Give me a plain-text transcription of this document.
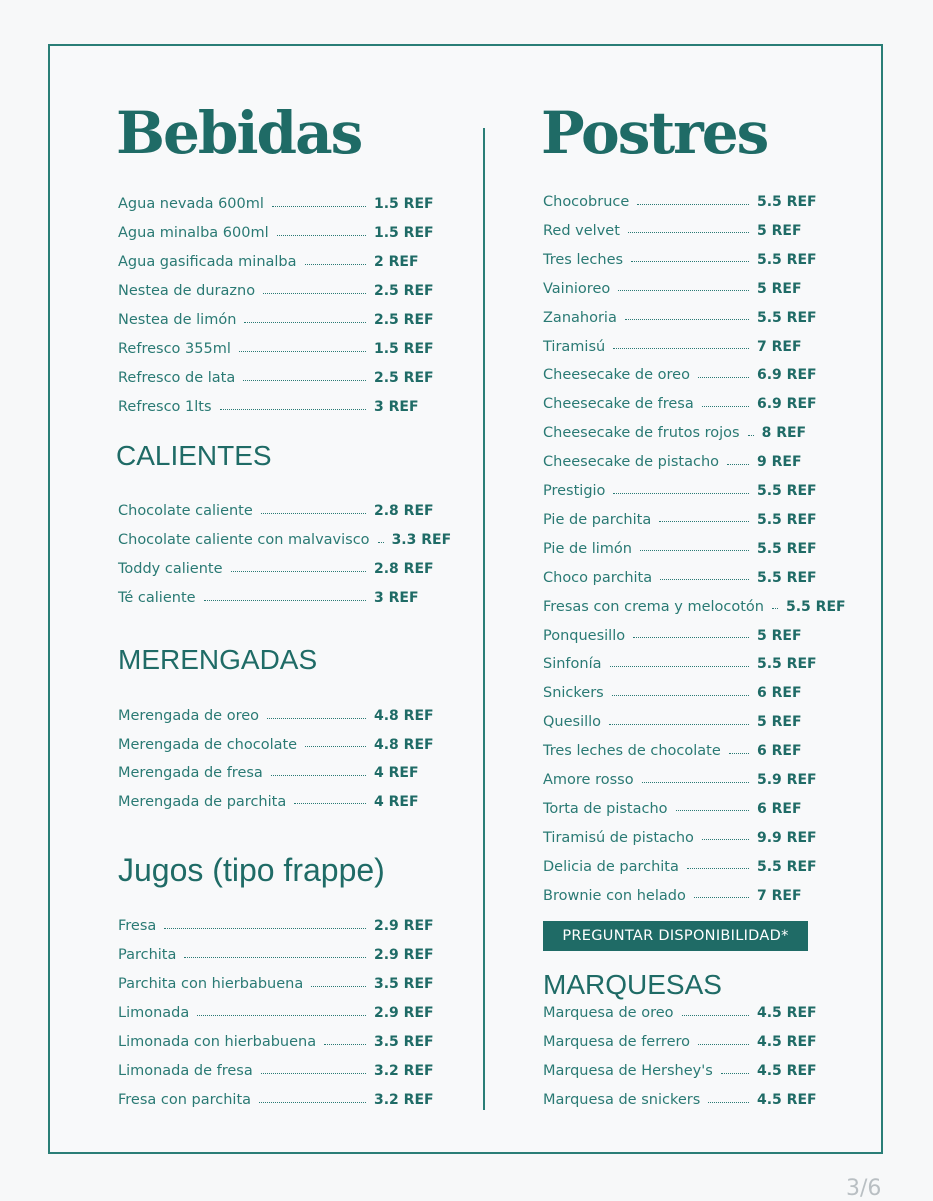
Bebidas
Agua nevada 600ml	1.5 REF
Agua minalba 600ml	1.5 REF
Agua gasificada minalba	2 REF
Nestea de durazno	2.5 REF
Nestea de limón	2.5 REF
Refresco 355ml	1.5 REF
Refresco de lata	2.5 REF
Refresco 1lts	3 REF
CALIENTES
Chocolate caliente	2.8 REF
Chocolate caliente con malvavisco 3.3 REF
Toddy caliente	2.8 REF
Té caliente	3 REF
MERENGADAS
Merengada de oreo	4.8 REF
Merengada de chocolate	4.8 REF
Merengada de fresa	4 REF
Merengada de parchita	4 REF
Jugos (tipo frappe)
Fresa	2.9 REF
Parchita	2.9 REF
Parchita con hierbabuena	3.5 REF
Limonada	2.9 REF
Limonada con hierbabuena	3.5 REF
Limonada de fresa	3.2 REF
Fresa con parchita	3.2 REF
Postres
Chocobruce	5.5 REF
Red velvet	5 REF
Tres leches	5.5 REF
Vainioreo	5 REF
Zanahoria	5.5 REF
Tiramisú	7 REF
Cheesecake de oreo	6.9 REF
Cheesecake de fresa	6.9 REF
Cheesecake de frutos rojos 8 REF
Cheesecake de pistacho	9 REF
Prestigio	5.5 REF
Pie de parchita	5.5 REF
Pie de limón	5.5 REF
Choco parchita	5.5 REF
Fresas con crema y melocotón 5.5 REF
Ponquesillo	5 REF
Sinfonía	5.5 REF
Snickers	6 REF
Quesillo	5 REF
Tres leches de chocolate	6 REF
Amore rosso	5.9 REF
Torta de pistacho	6 REF
Tiramisú de pistacho	9.9 REF
Delicia de parchita	5.5 REF
Brownie con helado	7 REF
PREGUNTAR DISPONIBILIDAD*
MARQUESAS
Marquesa de oreo	4.5 REF
Marquesa de ferrero	4.5 REF
Marquesa de Hershey's	4.5 REF
Marquesa de snickers	4.5 REF
3/6
